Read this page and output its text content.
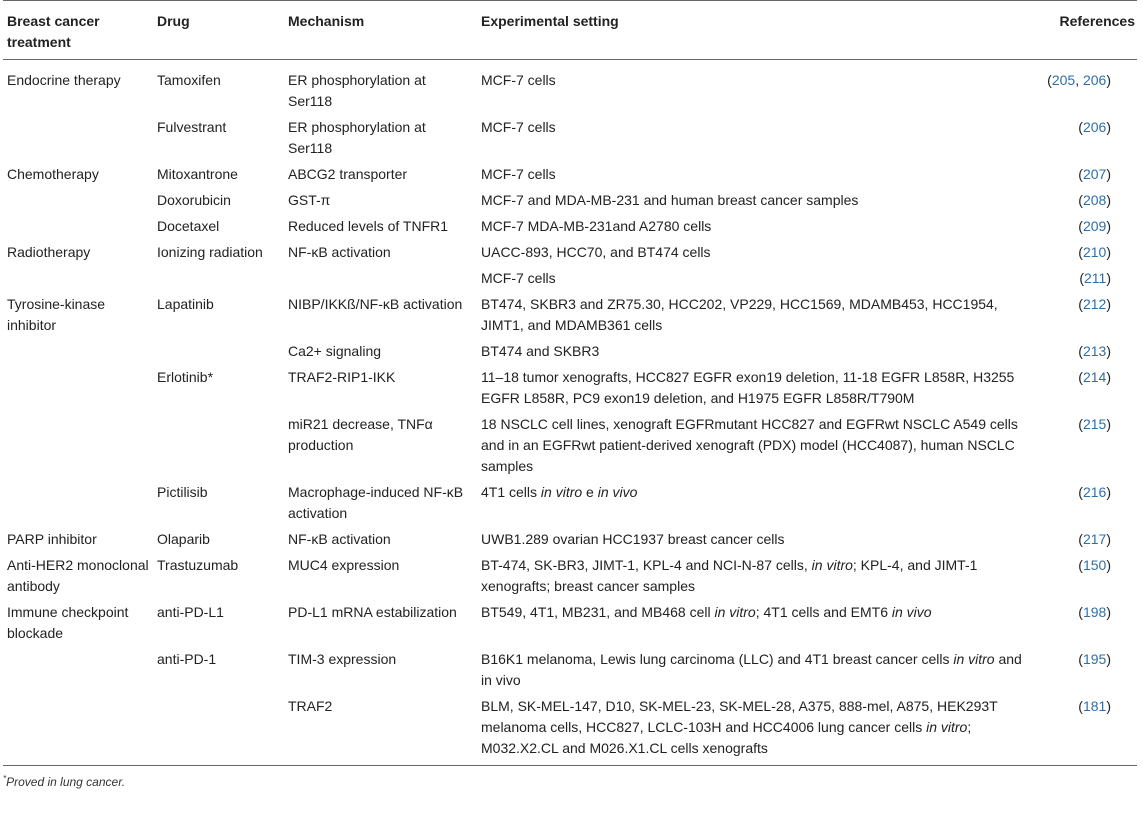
Breast cancer treatment	Drug	Mechanism	Experimental setting	References
Endocrine therapy	Tamoxifen	ER phosphorylation at Ser118	MCF-7 cells	(205, 206)
	Fulvestrant	ER phosphorylation at Ser118	MCF-7 cells	(206)
Chemotherapy	Mitoxantrone	ABCG2 transporter	MCF-7 cells	(207)
	Doxorubicin	GST-π	MCF-7 and MDA-MB-231 and human breast cancer samples	(208)
	Docetaxel	Reduced levels of TNFR1	MCF-7 MDA-MB-231and A2780 cells	(209)
Radiotherapy	Ionizing radiation	NF-κB activation	UACC-893, HCC70, and BT474 cells	(210)
			MCF-7 cells	(211)
Tyrosine-kinase inhibitor	Lapatinib	NIBP/IKKß/NF-κB activation	BT474, SKBR3 and ZR75.30, HCC202, VP229, HCC1569, MDAMB453, HCC1954, JIMT1, and MDAMB361 cells	(212)
		Ca2+ signaling	BT474 and SKBR3	(213)
	Erlotinib*	TRAF2-RIP1-IKK	11–18 tumor xenografts, HCC827 EGFR exon19 deletion, 11-18 EGFR L858R, H3255 EGFR L858R, PC9 exon19 deletion, and H1975 EGFR L858R/T790M	(214)
		miR21 decrease, TNFα production	18 NSCLC cell lines, xenograft EGFRmutant HCC827 and EGFRwt NSCLC A549 cells and in an EGFRwt patient-derived xenograft (PDX) model (HCC4087), human NSCLC samples	(215)
	Pictilisib	Macrophage-induced NF-κB activation	4T1 cells in vitro e in vivo	(216)
PARP inhibitor	Olaparib	NF-κB activation	UWB1.289 ovarian HCC1937 breast cancer cells	(217)
Anti-HER2 monoclonal antibody	Trastuzumab	MUC4 expression	BT-474, SK-BR3, JIMT-1, KPL-4 and NCI-N-87 cells, in vitro; KPL-4, and JIMT-1 xenografts; breast cancer samples	(150)
Immune checkpoint blockade	anti-PD-L1	PD-L1 mRNA estabilization	BT549, 4T1, MB231, and MB468 cell in vitro; 4T1 cells and EMT6 in vivo	(198)
	anti-PD-1	TIM-3 expression	B16K1 melanoma, Lewis lung carcinoma (LLC) and 4T1 breast cancer cells in vitro and in vivo	(195)
		TRAF2	BLM, SK-MEL-147, D10, SK-MEL-23, SK-MEL-28, A375, 888-mel, A875, HEK293T melanoma cells, HCC827, LCLC-103H and HCC4006 lung cancer cells in vitro; M032.X2.CL and M026.X1.CL cells xenografts	(181)
*Proved in lung cancer.
